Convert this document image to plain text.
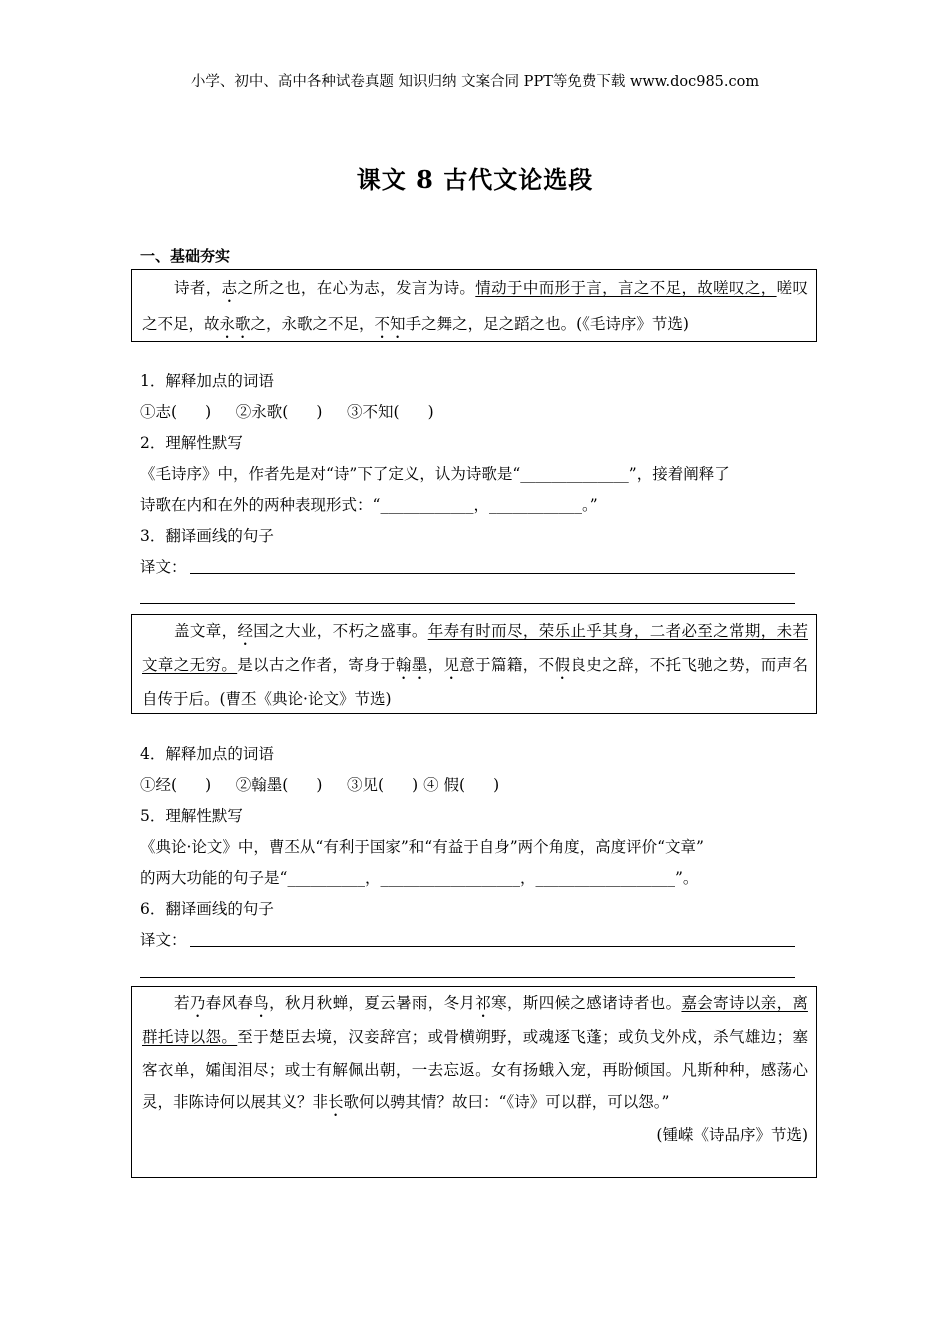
小学、初中、高中各种试卷真题 知识归纳 文案合同 PPT等免费下载 www.doc985.com
课文 8 古代文论选段
一、基础夯实

诗者，志之所之也，在心为志，发言为诗。情动于中而形于言，言之不足，故嗟叹之，嗟叹之不足，故永歌之，永歌之不足，不知手之舞之，足之蹈之也。(《毛诗序》节选)

1．解释加点的词语
①志( ) ②永歌( ) ③不知( )
2．理解性默写
《毛诗序》中，作者先是对“诗”下了定义，认为诗歌是“______________”，接着阐释了
诗歌在内和在外的两种表现形式：“____________，____________。”
3．翻译画线的句子
译文：

盖文章，经国之大业，不朽之盛事。年寿有时而尽，荣乐止乎其身，二者必至之常期，未若文章之无穷。是以古之作者，寄身于翰墨，见意于篇籍，不假良史之辞，不托飞驰之势，而声名自传于后。(曹丕《典论·论文》节选)

4．解释加点的词语
①经( ) ②翰墨( ) ③见( ) ④ 假( )
5．理解性默写
《典论·论文》中，曹丕从“有利于国家”和“有益于自身”两个角度，高度评价“文章”
的两大功能的句子是“__________，__________________，__________________”。
6．翻译画线的句子
译文：

若乃春风春鸟，秋月秋蝉，夏云暑雨，冬月祁寒，斯四候之感诸诗者也。嘉会寄诗以亲，离群托诗以怨。至于楚臣去境，汉妾辞宫；或骨横朔野，或魂逐飞蓬；或负戈外戍，杀气雄边；塞客衣单，孀闺泪尽；或士有解佩出朝，一去忘返。女有扬蛾入宠，再盼倾国。凡斯种种，感荡心灵，非陈诗何以展其义？非长歌何以骋其情？故曰：“《诗》可以群，可以怨。”

(锺嵘《诗品序》节选)
